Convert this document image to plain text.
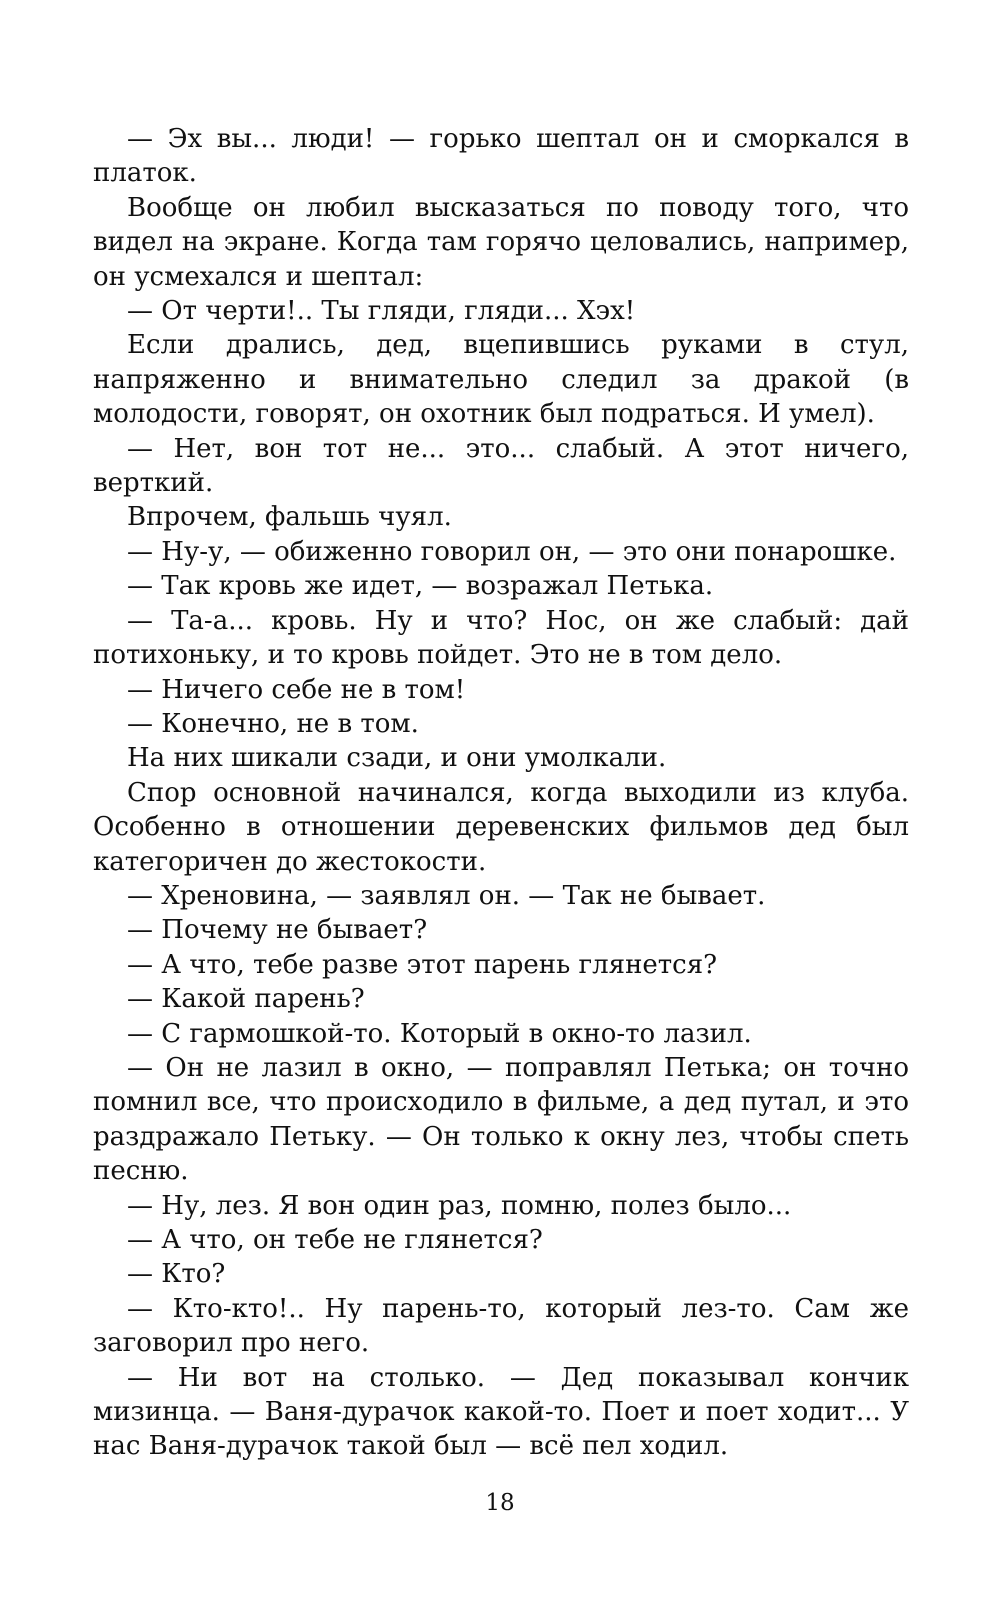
— Эх вы... люди! — горько шептал он и сморкался в платок.

Вообще он любил высказаться по поводу того, что видел на экране. Когда там горячо целовались, например, он усмехался и шептал:

— От черти!.. Ты гляди, гляди... Хэх!

Если дрались, дед, вцепившись руками в стул, напряженно и внимательно следил за дракой (в молодости, говорят, он охотник был подраться. И умел).

— Нет, вон тот не... это... слабый. А этот ничего, верткий.

Впрочем, фальшь чуял.

— Ну-у, — обиженно говорил он, — это они понарошке.

— Так кровь же идет, — возражал Петька.

— Та-а... кровь. Ну и что? Нос, он же слабый: дай потихоньку, и то кровь пойдет. Это не в том дело.

— Ничего себе не в том!

— Конечно, не в том.

На них шикали сзади, и они умолкали.

Спор основной начинался, когда выходили из клуба. Особенно в отношении деревенских фильмов дед был категоричен до жестокости.

— Хреновина, — заявлял он. — Так не бывает.

— Почему не бывает?

— А что, тебе разве этот парень глянется?

— Какой парень?

— С гармошкой-то. Который в окно-то лазил.

— Он не лазил в окно, — поправлял Петька; он точно помнил все, что происходило в фильме, а дед путал, и это раздражало Петьку. — Он только к окну лез, чтобы спеть песню.

— Ну, лез. Я вон один раз, помню, полез было...

— А что, он тебе не глянется?

— Кто?

— Кто-кто!.. Ну парень-то, который лез-то. Сам же заговорил про него.

— Ни вот на столько. — Дед показывал кончик мизинца. — Ваня-дурачок какой-то. Поет и поет ходит... У нас Ваня-дурачок такой был — всё пел ходил.

18
